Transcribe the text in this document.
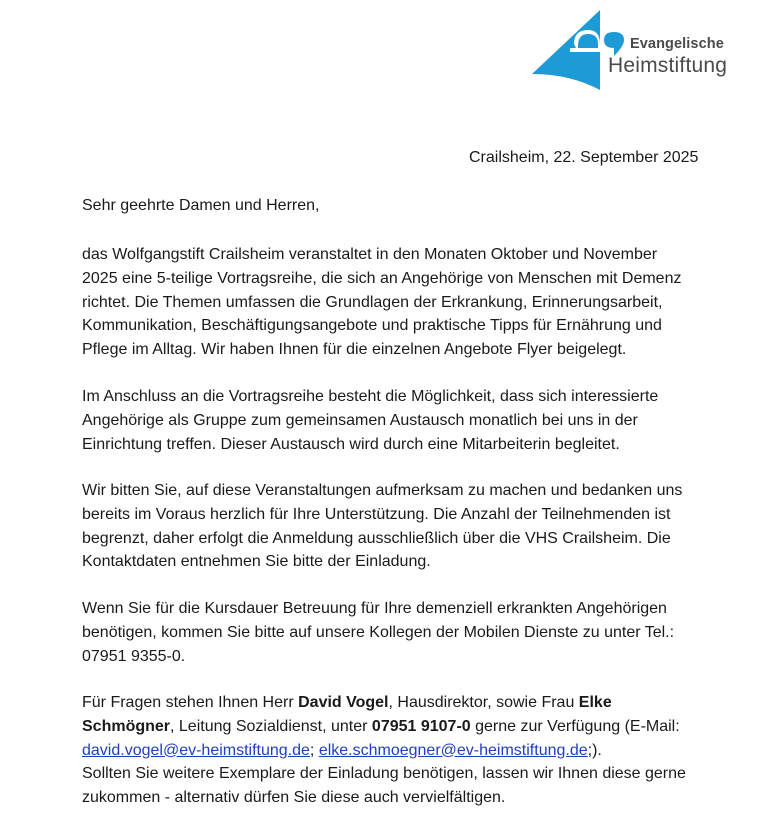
Evangelische
Heimstiftung
Crailsheim, 22. September 2025
Sehr geehrte Damen und Herren,

das Wolfgangstift Crailsheim veranstaltet in den Monaten Oktober und November

2025 eine 5-teilige Vortragsreihe, die sich an Angehörige von Menschen mit Demenz

richtet. Die Themen umfassen die Grundlagen der Erkrankung, Erinnerungsarbeit,

Kommunikation, Beschäftigungsangebote und praktische Tipps für Ernährung und

Pflege im Alltag. Wir haben Ihnen für die einzelnen Angebote Flyer beigelegt.

Im Anschluss an die Vortragsreihe besteht die Möglichkeit, dass sich interessierte

Angehörige als Gruppe zum gemeinsamen Austausch monatlich bei uns in der

Einrichtung treffen. Dieser Austausch wird durch eine Mitarbeiterin begleitet.

Wir bitten Sie, auf diese Veranstaltungen aufmerksam zu machen und bedanken uns

bereits im Voraus herzlich für Ihre Unterstützung. Die Anzahl der Teilnehmenden ist

begrenzt, daher erfolgt die Anmeldung ausschließlich über die VHS Crailsheim. Die

Kontaktdaten entnehmen Sie bitte der Einladung.

Wenn Sie für die Kursdauer Betreuung für Ihre demenziell erkrankten Angehörigen

benötigen, kommen Sie bitte auf unsere Kollegen der Mobilen Dienste zu unter Tel.:

07951 9355-0.

Für Fragen stehen Ihnen Herr David Vogel, Hausdirektor, sowie Frau Elke

Schmögner, Leitung Sozialdienst, unter 07951 9107-0 gerne zur Verfügung (E-Mail:

david.vogel@ev-heimstiftung.de; elke.schmoegner@ev-heimstiftung.de;).

Sollten Sie weitere Exemplare der Einladung benötigen, lassen wir Ihnen diese gerne

zukommen - alternativ dürfen Sie diese auch vervielfältigen.
